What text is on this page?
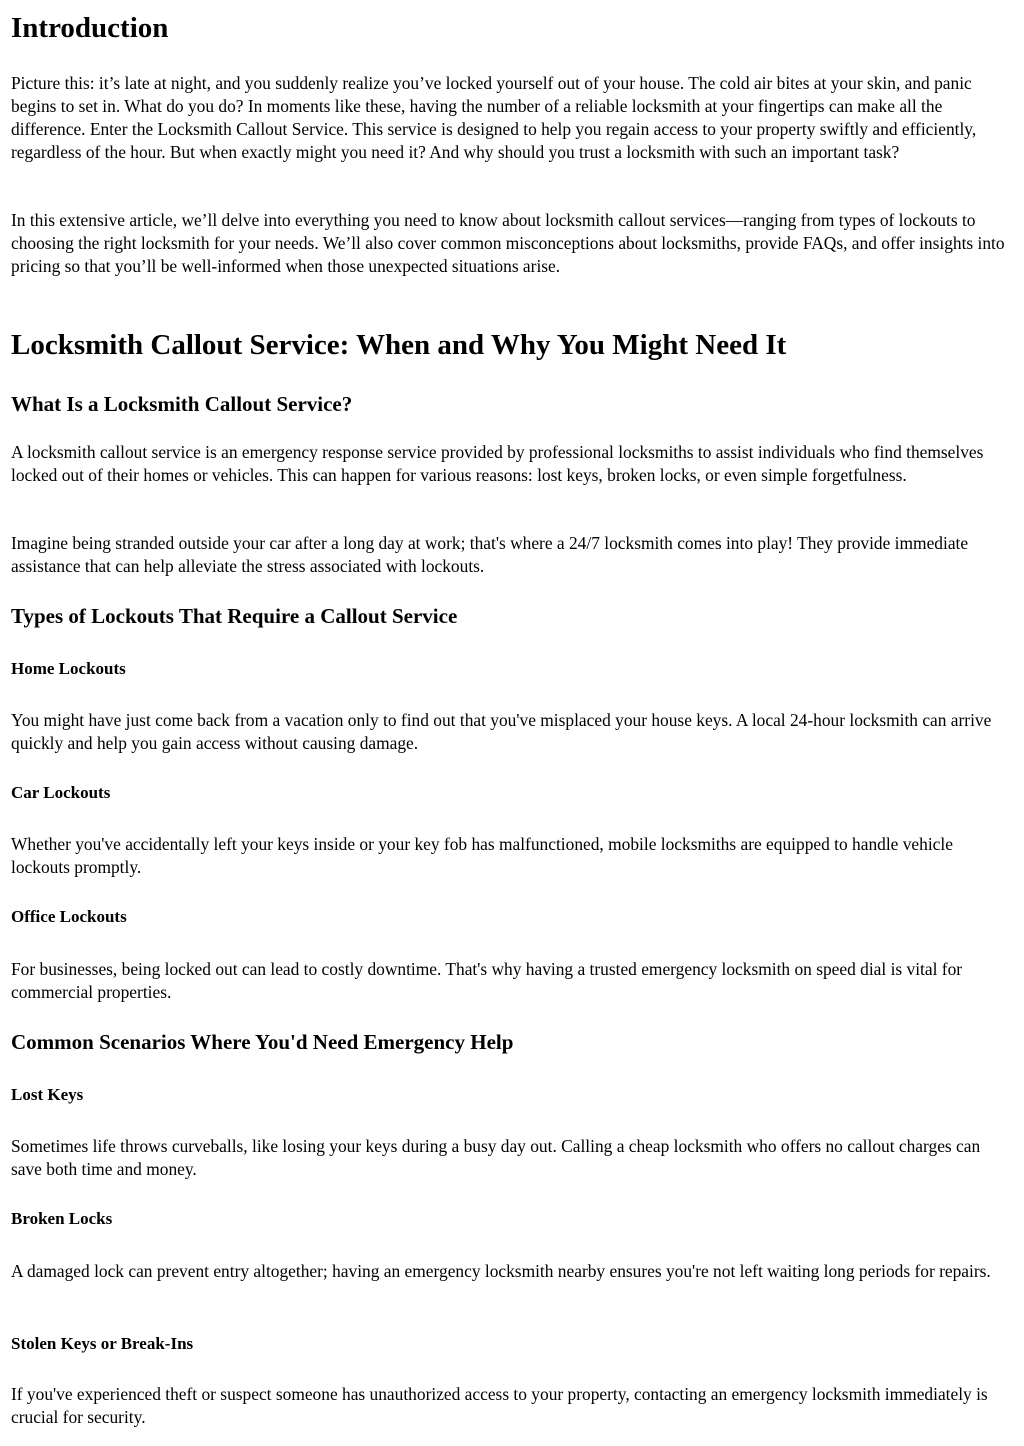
Introduction

Picture this: it’s late at night, and you suddenly realize you’ve locked yourself out of your house. The cold air bites at your skin, and panic begins to set in. What do you do? In moments like these, having the number of a reliable locksmith at your fingertips can make all the difference. Enter the Locksmith Callout Service. This service is designed to help you regain access to your property swiftly and efficiently, regardless of the hour. But when exactly might you need it? And why should you trust a locksmith with such an important task?

In this extensive article, we’ll delve into everything you need to know about locksmith callout services—ranging from types of lockouts to choosing the right locksmith for your needs. We’ll also cover common misconceptions about locksmiths, provide FAQs, and offer insights into pricing so that you’ll be well-informed when those unexpected situations arise.

Locksmith Callout Service: When and Why You Might Need It
What Is a Locksmith Callout Service?

A locksmith callout service is an emergency response service provided by professional locksmiths to assist individuals who find themselves locked out of their homes or vehicles. This can happen for various reasons: lost keys, broken locks, or even simple forgetfulness.

Imagine being stranded outside your car after a long day at work; that's where a 24/7 locksmith comes into play! They provide immediate assistance that can help alleviate the stress associated with lockouts.

Types of Lockouts That Require a Callout Service
Home Lockouts

You might have just come back from a vacation only to find out that you've misplaced your house keys. A local 24-hour locksmith can arrive quickly and help you gain access without causing damage.

Car Lockouts

Whether you've accidentally left your keys inside or your key fob has malfunctioned, mobile locksmiths are equipped to handle vehicle lockouts promptly.

Office Lockouts

For businesses, being locked out can lead to costly downtime. That's why having a trusted emergency locksmith on speed dial is vital for commercial properties.

Common Scenarios Where You'd Need Emergency Help
Lost Keys

Sometimes life throws curveballs, like losing your keys during a busy day out. Calling a cheap locksmith who offers no callout charges can save both time and money.

Broken Locks

A damaged lock can prevent entry altogether; having an emergency locksmith nearby ensures you're not left waiting long periods for repairs.

Stolen Keys or Break-Ins

If you've experienced theft or suspect someone has unauthorized access to your property, contacting an emergency locksmith immediately is crucial for security.
